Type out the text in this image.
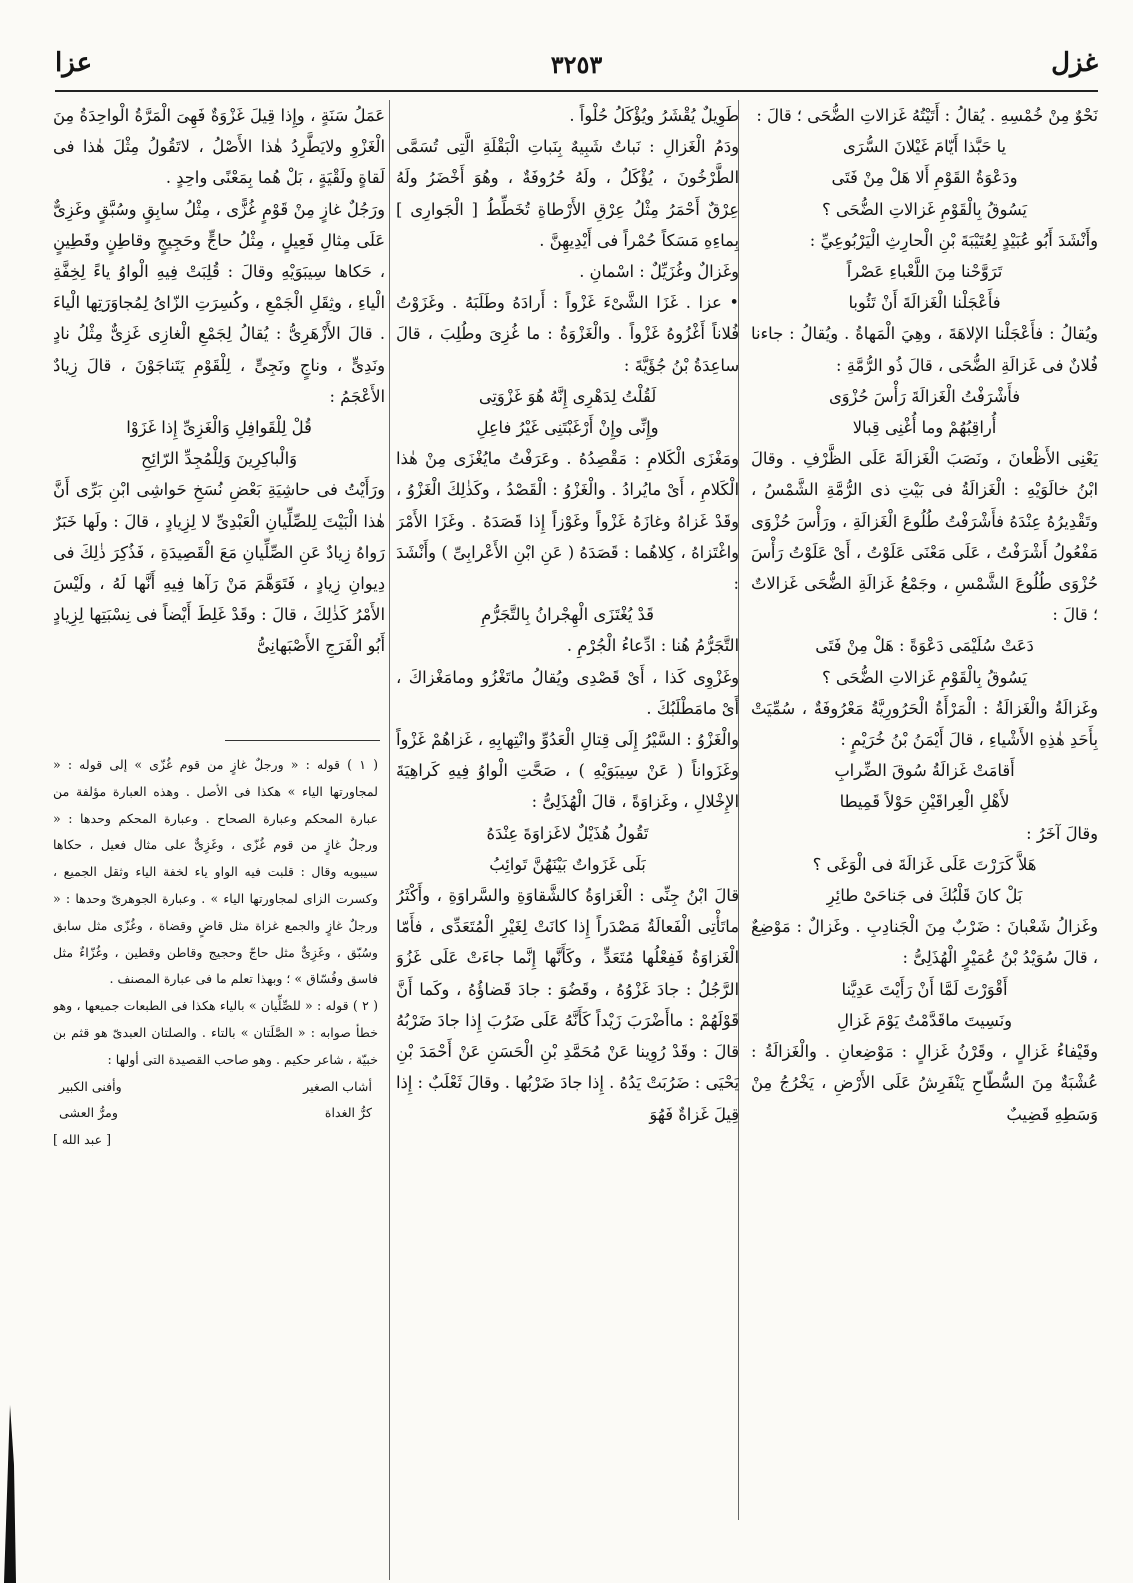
غزل
٣٢٥٣
عزا

نَحْوٌ مِنْ خُمْسِهِ . يُقالُ : أَتَيْتُهُ غَزالاتِ الضُّحَى ؛ قالَ :

يا حَبَّذا أَيّامَ غَيْلانَ السُّرَى

ودَعْوَةُ القَوْمِ أَلا هَلْ مِنْ فَتَى

يَسُوقُ بِالْقَوْمِ غَزالاتِ الضُّحَى ؟

وأَنْشَدَ أَبُو عُبَيْدٍ لِعُتَيْبَةَ بْنِ الْحارِثِ الْيَرْبُوعِيِّ :

تَرَوَّحْنا مِنَ اللَّعْباءِ عَصْراً

فأَعْجَلْنا الْغَزالَةَ أَنْ تَئُوبا

ويُقالُ : فأَعْجَلْنا الإلاهَةَ ، وهِيَ الْمَهاةُ . ويُقالُ : جاءنا فُلانٌ فى غَزالَةِ الضُّحَى ، قالَ ذُو الرُّمَّةِ :

فأَشْرَفْتُ الْغَزالَةَ رَأْسَ حُزْوَى

أُراقِبُهُمْ وما أُغْنِى قِبالا

يَعْنِى الأَظْعانَ ، ونَصَبَ الْغَزالَةَ عَلَى الظَّرْفِ . وقالَ ابْنُ خالَوَيْهِ : الْغَزالَةُ فى بَيْتِ ذى الرُّمَّةِ الشَّمْسُ ، وتَقْدِيرُهُ عِنْدَهُ فأَشْرَفْتُ طُلُوعَ الْغَزالَةِ ، ورَأْسَ حُزْوَى مَفْعُولُ أَشْرَفْتُ ، عَلَى مَعْنَى عَلَوْتُ ، أَىْ عَلَوْتُ رَأْسَ حُزْوَى طُلُوعَ الشَّمْسِ ، وجَمْعُ غَزالَةِ الضُّحَى غَزالاتٌ ؛ قالَ :

دَعَتْ سُلَيْمَى دَعْوَةً : هَلْ مِنْ فَتَى

يَسُوقُ بِالْقَوْمِ غَزالاتِ الضُّحَى ؟

وغَزالَةُ والْغَزالَةُ : الْمَرْأَةُ الْحَرُورِيَّةُ مَعْرُوفَةٌ ، سُمِّيَتْ بِأَحَدِ هٰذِهِ الأَشْياءِ ، قالَ أَيْمَنُ بْنُ خُرَيْمٍ :

أَقامَتْ غَزالَةُ سُوقَ الضِّرابِ

لأَهْلِ الْعِراقَيْنِ حَوْلاً قَمِيطا

وقالَ آخَرُ :

هَلاَّ كَرَرْتَ عَلَى غَزالَةَ فى الْوَغَى ؟

بَلْ كانَ قَلْبُكَ فى جَناحَىْ طائِرِ

وغَزالُ شَعْبانَ : ضَرْبٌ مِنَ الْجَنادِبِ . وغَزالٌ : مَوْضِعٌ ، قالَ سُوَيْدُ بْنُ عُمَيْرٍ الْهُذَلِىُّ :

أَقْوَرْتَ لَمَّا أَنْ رَأَيْتَ عَدِيَّنا

ونَسِيتَ ماقَدَّمْتُ يَوْمَ غَزالِ

وقَيْفاءُ غَزالٍ ، وقَرْنُ غَزالٍ : مَوْضِعانِ . والْغَزالَةُ : عُشْبَةٌ مِنَ السُّطّاحِ يَنْفَرِشُ عَلَى الأَرْضِ ، يَخْرُجُ مِنْ وَسَطِهِ قَضِيبٌ

طَوِيلٌ يُقْشَرُ ويُؤْكَلُ حُلْواً .

ودَمُ الْغَزالِ : نَباتٌ شَبِيهٌ بِنَباتِ الْبَقْلَةِ الَّتِى تُسَمَّى الطَّرْخُونَ ، يُؤْكَلُ ، ولَهُ حُرُوفَةٌ ، وهُوَ أَخْضَرُ ولَهُ عِرْقٌ أَحْمَرُ مِثْلُ عِرْقِ الأَرْطاةِ تُخَطِّطُ [ الْجَوارِى ] بِماءِهِ مَسَكاً حُمْراً فى أَيْدِيهِنَّ .

وغَزالٌ وغُزَيِّلٌ : اسْمانِ .

• عزا . غَزَا الشَّىْءَ غَزْواً : أَرادَهُ وطَلَبَهُ . وغَزَوْتُ فُلاناً أَغْزُوهُ غَزْواً . والْغَزْوَةُ : ما غُزِىَ وطُلِبَ ، قالَ ساعِدَةُ بْنُ جُؤَيَّةَ :

لَقُلْتُ لِدَهْرِى إِنَّهُ هُوَ غَزْوَتِى

وإِنِّى وإِنْ أَرْغَبْتَنِى غَيْرُ فاعِلِ

ومَغْزَى الْكَلامِ : مَقْصِدُهُ . وعَرَفْتُ مايُغْزَى مِنْ هٰذا الْكَلامِ ، أَىْ مايُرادُ . والْغَزْوُ : الْقَصْدُ ، وكَذٰلِكَ الْغَزْوُ ، وقَدْ غَزاهُ وغازَهُ غَزْواً وغَوْزاً إِذا قَصَدَهُ . وغَزَا الأَمْرَ واغْتَزاهُ ، كِلاهُما : قَصَدَهُ ( عَنِ ابْنِ الأَعْرابِىِّ ) وأَنْشَدَ :

قَدْ يُغْتَزَى الْهِجْرانُ بِالتَّجَرُّمِ

التَّجَرُّمُ هُنا : ادِّعاءُ الْجُرْمِ .

وغَزْوِى كَذا ، أَىْ قَصْدِى ويُقالُ ماتَغْزُو ومامَغْزاكَ ، أَىْ مامَطْلَبُكَ .

والْغَزْوُ : السَّيْرُ إِلَى قِتالِ الْعَدُوِّ وانْتِهابِهِ ، غَزاهُمْ غَزْواً وغَزَواناً ( عَنْ سِيبَوَيْهِ ) ، صَحَّتِ الْواوُ فِيهِ كَراهِيَةَ الإِخْلالِ ، وغَزاوَةً ، قالَ الْهُذَلِىُّ :

تَقُولُ هُذَيْلٌ لاغَزاوَةَ عِنْدَهُ

بَلَى غَزَواتٌ بَيْنَهُنَّ تَوائِبُ

قالَ ابْنُ جِنِّى : الْغَزاوَةُ كالشَّقاوَةِ والسَّراوَةِ ، وأَكْثَرُ ماتَأْتِى الْفَعالَةُ مَصْدَراً إِذا كانَتْ لِغَيْرِ الْمُتَعَدِّى ، فأَمّا الْغَزاوَةُ فَفِعْلُها مُتَعَدٍّ ، وكَأَنَّها إِنَّما جاءَتْ عَلَى غَزُوَ الرَّجُلُ : جادَ غَزْوُهُ ، وقَضُوَ : جادَ قَضاؤُهُ ، وكَما أَنَّ قَوْلَهُمْ : ماأَضْرَبَ زَيْداً كَأَنَّهُ عَلَى ضَرُبَ إِذا جادَ ضَرْبُهُ قالَ : وقَدْ رُوِينا عَنْ مُحَمَّدِ بْنِ الْحَسَنِ عَنْ أَحْمَدَ بْنِ يَحْيَى : ضَرُبَتْ يَدُهُ . إِذا جادَ ضَرْبُها . وقالَ ثَعْلَبٌ : إِذا قِيلَ غَزاةٌ فَهُوَ

عَمَلُ سَنَةٍ ، وإِذا قِيلَ غَزْوَةٌ فَهِىَ الْمَرَّةُ الْواحِدَةُ مِنَ الْغَزْوِ ولايَطَّرِدُ هٰذا الأَصْلُ ، لاتَقُولُ مِثْلَ هٰذا فى لَقاةٍ ولَقْيَةٍ ، بَلْ هُما بِمَعْنًى واحِدٍ .

ورَجُلٌ غازٍ مِنْ قَوْمٍ غُزًّى ، مِثْلُ سابِقٍ وسُبَّقٍ وغَزِىٌّ عَلَى مِثالِ فَعِيلٍ ، مِثْلُ حاجٍّ وحَجِيجٍ وقاطِنٍ وقَطِينٍ ، حَكاها سِيبَوَيْهِ وقالَ : قُلِبَتْ فِيهِ الْواوُ ياءً لِخِفَّةِ الْياءِ ، وثِقَلِ الْجَمْعِ ، وكُسِرَتِ الزّاىُ لِمُجاوَرَتِها الْياءَ . قالَ الأَزْهَرِىُّ : يُقالُ لِجَمْعِ الْغازِى غَزِىٌّ مِثْلُ نادٍ ونَدِىٍّ ، وناجٍ ونَجِىٍّ ، لِلْقَوْمِ يَتَناجَوْنَ ، قالَ زِيادٌ الأَعْجَمُ :

قُلْ لِلْقَوافِلِ وَالْغَزِىِّ إِذا غَزَوْا

وَالْباكِرِينَ وَلِلْمُجِدِّ الرّائِحِ

ورَأَيْتُ فى حاشِيَةِ بَعْضِ نُسَخِ حَواشِى ابْنِ بَرِّى أَنَّ هٰذا الْبَيْتَ لِلصِّلِّيانِ الْعَبْدِىِّ لا لِزِيادٍ ، قالَ : ولَها خَبَرٌ رَواهُ زِيادٌ عَنِ الصِّلِّيانِ مَعَ الْقَصِيدَةِ ، فَذُكِرَ ذٰلِكَ فى دِيوانِ زِيادٍ ، فَتَوَهَّمَ مَنْ رَآها فِيهِ أَنَّها لَهُ ، ولَيْسَ الأَمْرُ كَذٰلِكَ ، قالَ : وقَدْ غَلِطَ أَيْضاً فى نِسْبَتِها لِزِيادٍ أَبُو الْفَرَجِ الأَصْبَهانِىُّ

( ١ ) قوله : « ورجلٌ غازٍ من قوم غُزّى » إلى قوله : « لمجاورتها الياء » هكذا فى الأصل . وهذه العبارة مؤلفة من عبارة المحكم وعبارة الصحاح . وعبارة المحكم وحدها : « ورجلٌ غازٍ من قوم غُزّى ، وغَزِىٌّ على مثال فعيل ، حكاها سيبويه وقال : قلبت فيه الواو ياء لخفة الياء وثقل الجميع ، وكسرت الزاى لمجاورتها الياء » . وعبارة الجوهرىّ وحدها : « ورجلٌ غازٍ والجمع غزاة مثل قاضٍ وقضاة ، وغُزّى مثل سابق وسُبّق ، وغَزِىٌّ مثل حاجّ وحجيج وقاطن وقطين ، وغُزّاءٌ مثل فاسق وفُسّاق » ؛ وبهذا تعلم ما فى عبارة المصنف .

( ٢ ) قوله : « للصِّلِّيان » بالياء هكذا فى الطبعات جميعها ، وهو خطأ صوابه : « الصَّلَتان » بالتاء . والصلتان العبدىّ هو قثم بن خبيّة ، شاعر حكيم . وهو صاحب القصيدة التى أولها :

أشاب الصغير
وأفنى الكبير
كرُّ الغداة
ومرُّ العشى

[ عبد الله ]
